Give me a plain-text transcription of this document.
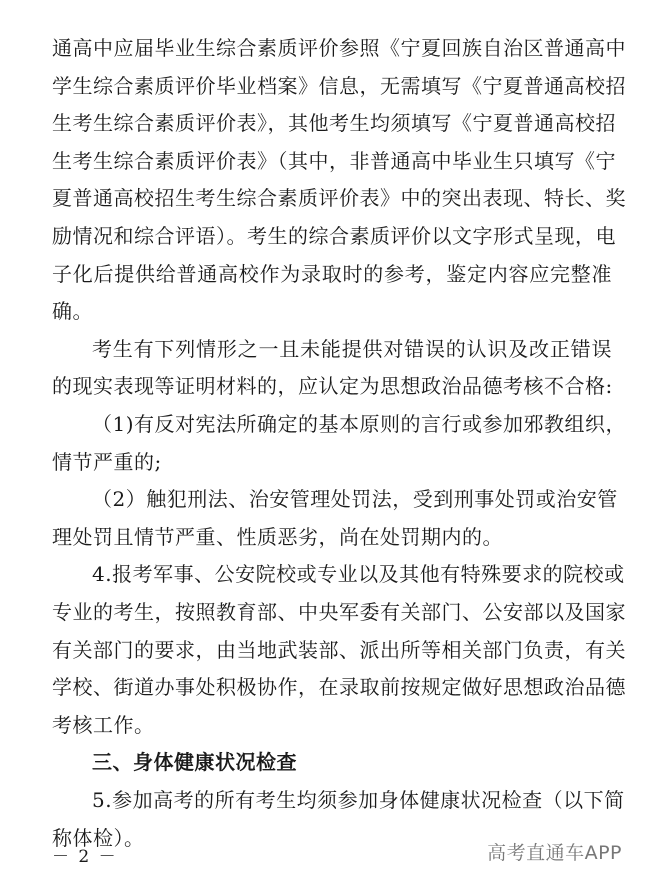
通高中应届毕业生综合素质评价参照《宁夏回族自治区普通高中
学生综合素质评价毕业档案》信息，无需填写《宁夏普通高校招
生考生综合素质评价表》，其他考生均须填写《宁夏普通高校招
生考生综合素质评价表》（其中，非普通高中毕业生只填写《宁
夏普通高校招生考生综合素质评价表》中的突出表现、特长、奖
励情况和综合评语）。考生的综合素质评价以文字形式呈现，电
子化后提供给普通高校作为录取时的参考，鉴定内容应完整准
确。
考生有下列情形之一且未能提供对错误的认识及改正错误
的现实表现等证明材料的，应认定为思想政治品德考核不合格:
（1)有反对宪法所确定的基本原则的言行或参加邪教组织，
情节严重的;
（2）触犯刑法、治安管理处罚法，受到刑事处罚或治安管
理处罚且情节严重、性质恶劣，尚在处罚期内的。
4.报考军事、公安院校或专业以及其他有特殊要求的院校或
专业的考生，按照教育部、中央军委有关部门、公安部以及国家
有关部门的要求，由当地武装部、派出所等相关部门负责，有关
学校、街道办事处积极协作，在录取前按规定做好思想政治品德
考核工作。
三、身体健康状况检查
5.参加高考的所有考生均须参加身体健康状况检查（以下简
称体检）。
－ 2 －	高考直通车APP
